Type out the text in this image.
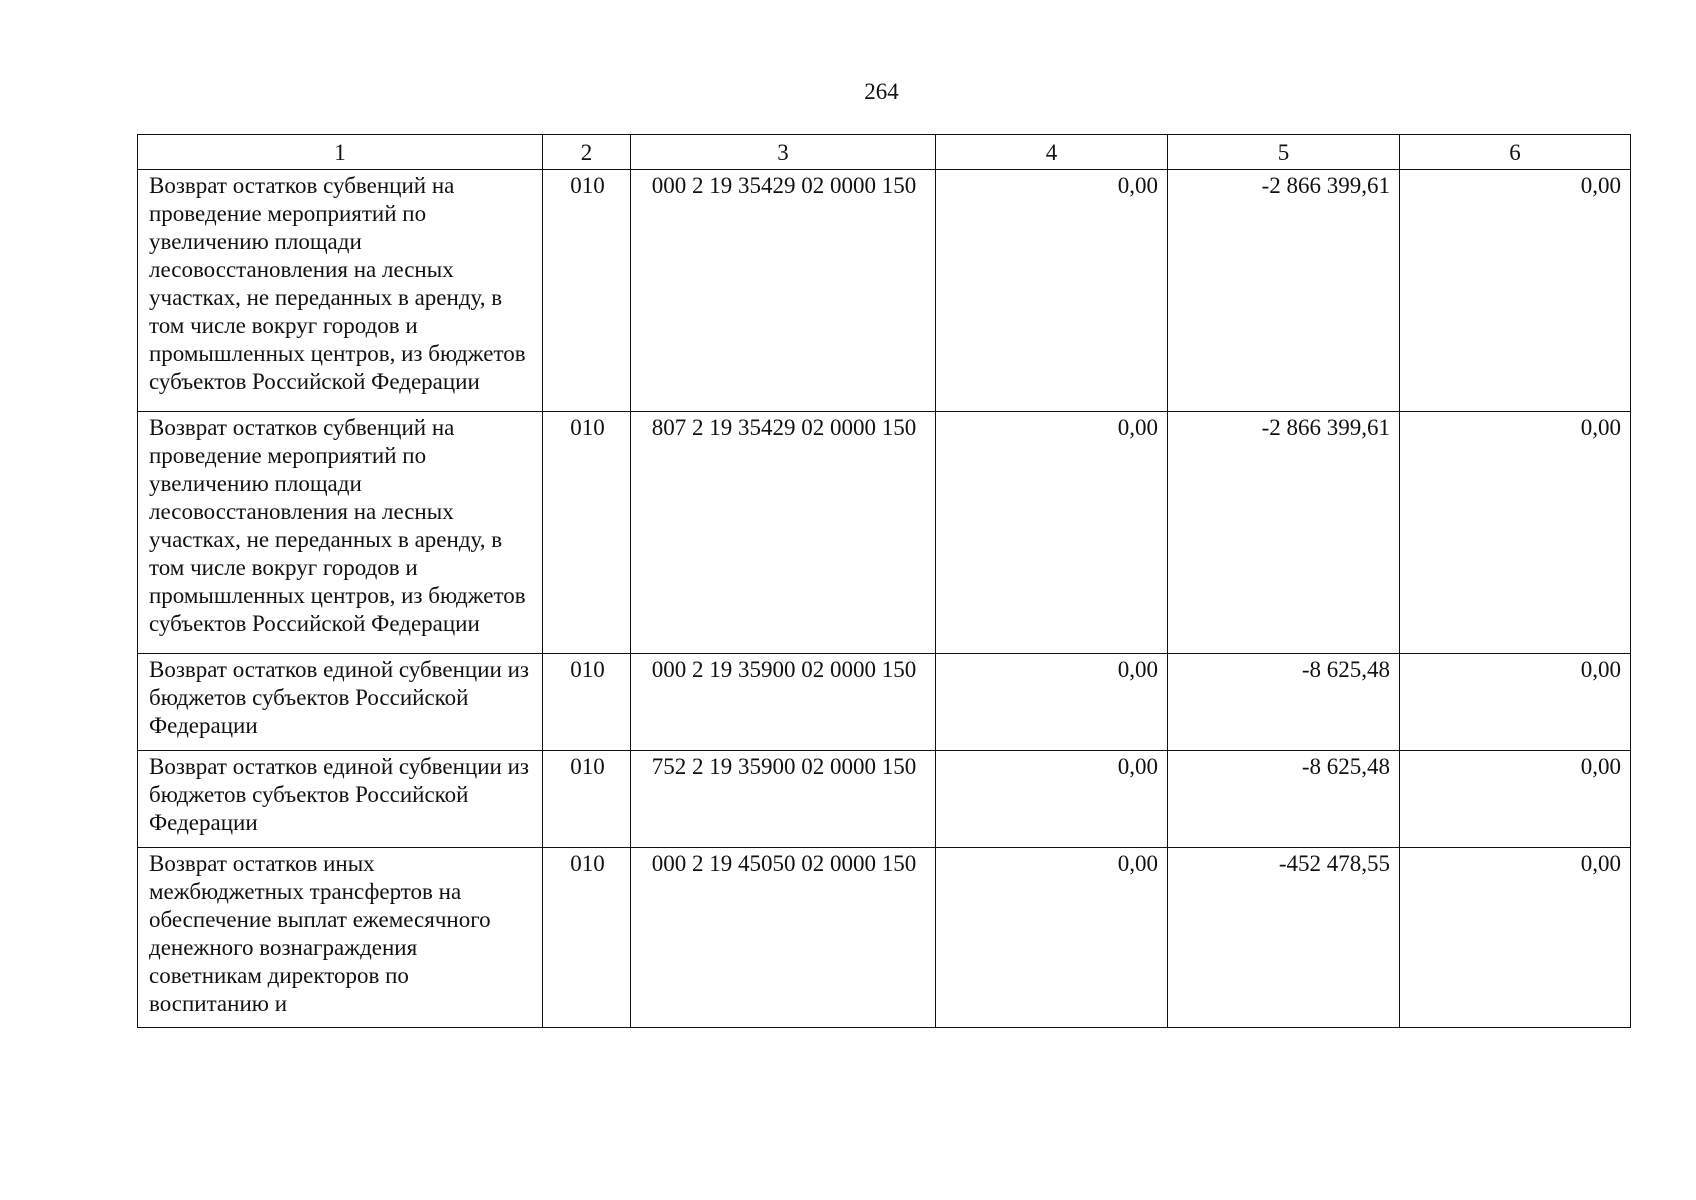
264
1	2	3	4	5	6
Возврат остатков субвенций на проведение мероприятий по увеличению площади лесовосстановления на лесных участках, не переданных в аренду, в том числе вокруг городов и промышленных центров, из бюджетов субъектов Российской Федерации	010	000 2 19 35429 02 0000 150	0,00	-2 866 399,61	0,00
Возврат остатков субвенций на проведение мероприятий по увеличению площади лесовосстановления на лесных участках, не переданных в аренду, в том числе вокруг городов и промышленных центров, из бюджетов субъектов Российской Федерации	010	807 2 19 35429 02 0000 150	0,00	-2 866 399,61	0,00
Возврат остатков единой субвенции из бюджетов субъектов Российской Федерации	010	000 2 19 35900 02 0000 150	0,00	-8 625,48	0,00
Возврат остатков единой субвенции из бюджетов субъектов Российской Федерации	010	752 2 19 35900 02 0000 150	0,00	-8 625,48	0,00
Возврат остатков иных межбюджетных трансфертов на обеспечение выплат ежемесячного денежного вознаграждения советникам директоров по воспитанию и	010	000 2 19 45050 02 0000 150	0,00	-452 478,55	0,00
